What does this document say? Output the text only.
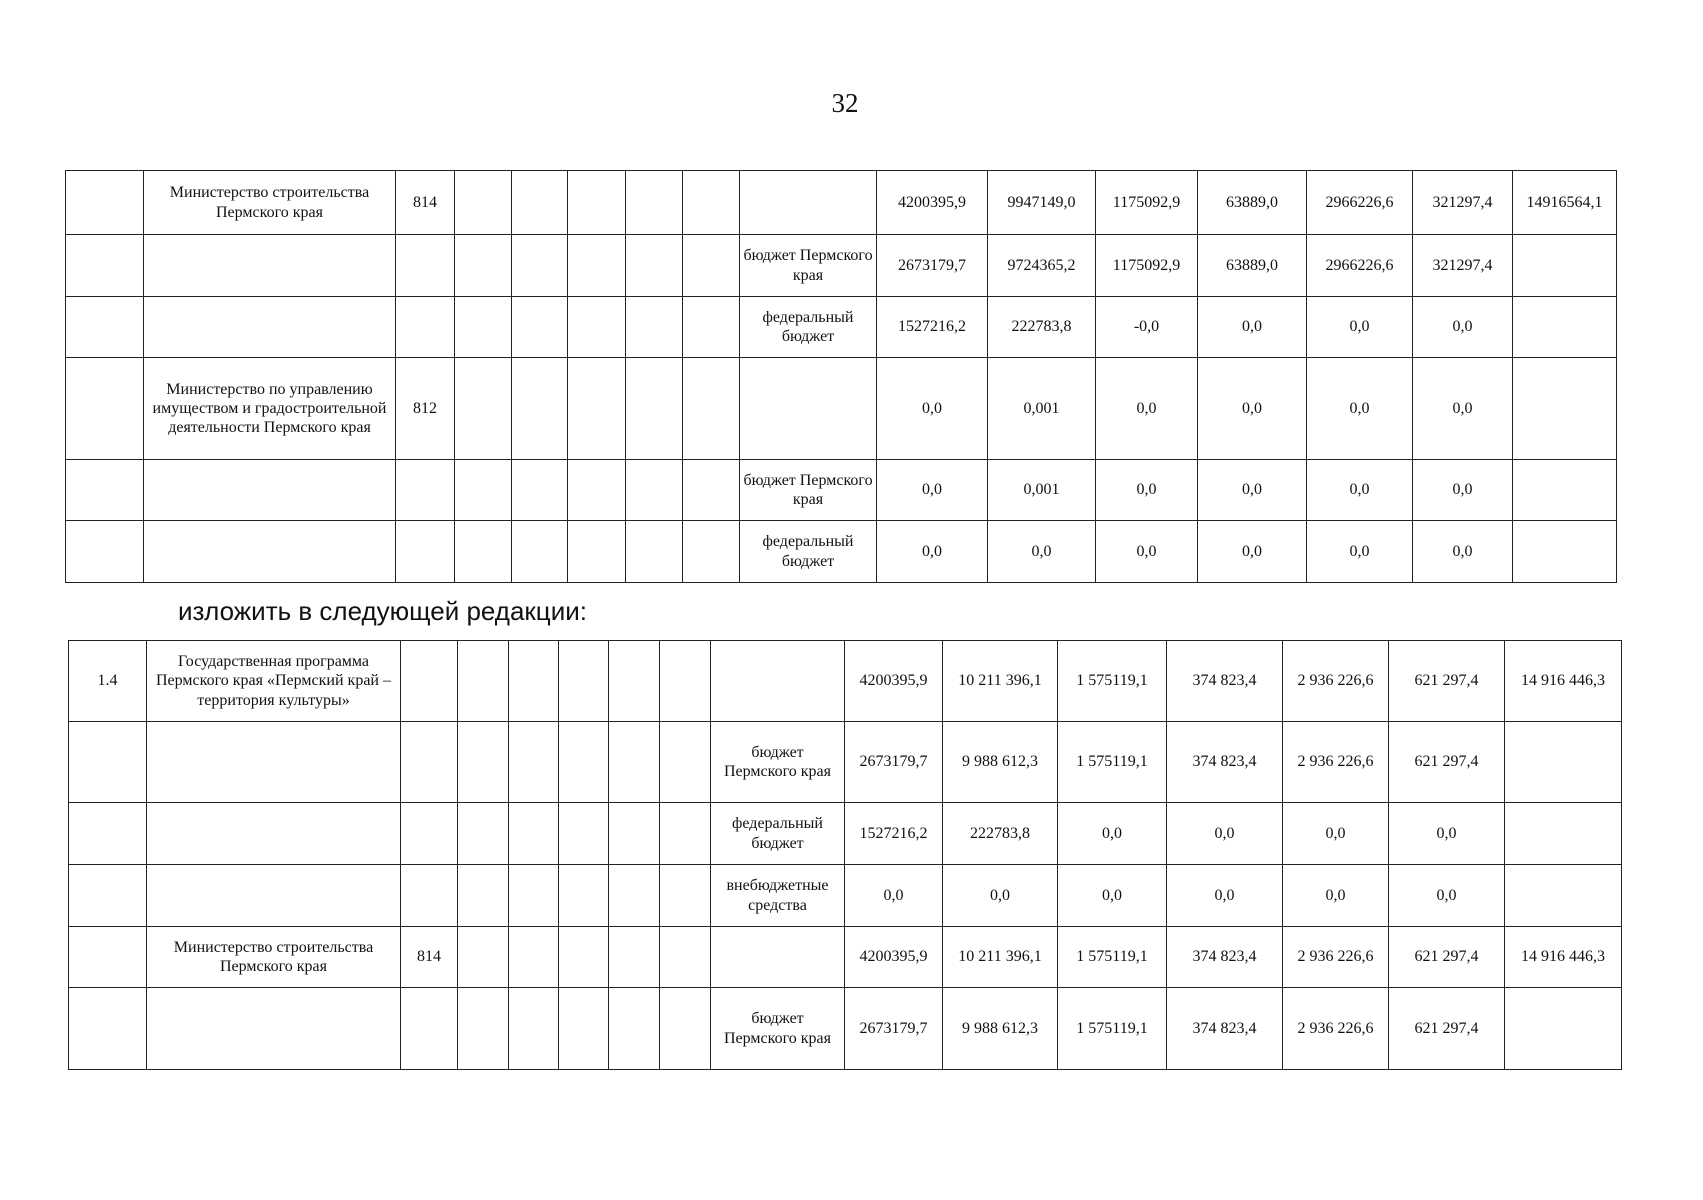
32
	Министерство строительства Пермского края	814							4200395,9	9947149,0	1175092,9	63889,0	2966226,6	321297,4	14916564,1
								бюджет Пермского края	2673179,7	9724365,2	1175092,9	63889,0	2966226,6	321297,4	
								федеральный бюджет	1527216,2	222783,8	-0,0	0,0	0,0	0,0	
	Министерство по управлению имуществом и градостроительной деятельности Пермского края	812							0,0	0,001	0,0	0,0	0,0	0,0	
								бюджет Пермского края	0,0	0,001	0,0	0,0	0,0	0,0	
								федеральный бюджет	0,0	0,0	0,0	0,0	0,0	0,0	
изложить в следующей редакции:
1.4	Государственная программа Пермского края «Пермский край – территория культуры»								4200395,9	10 211 396,1	1 575119,1	374 823,4	2 936 226,6	621 297,4	14 916 446,3
								бюджет Пермского края	2673179,7	9 988 612,3	1 575119,1	374 823,4	2 936 226,6	621 297,4	
								федеральный бюджет	1527216,2	222783,8	0,0	0,0	0,0	0,0	
								внебюджетные средства	0,0	0,0	0,0	0,0	0,0	0,0	
	Министерство строительства Пермского края	814							4200395,9	10 211 396,1	1 575119,1	374 823,4	2 936 226,6	621 297,4	14 916 446,3
								бюджет Пермского края	2673179,7	9 988 612,3	1 575119,1	374 823,4	2 936 226,6	621 297,4	
